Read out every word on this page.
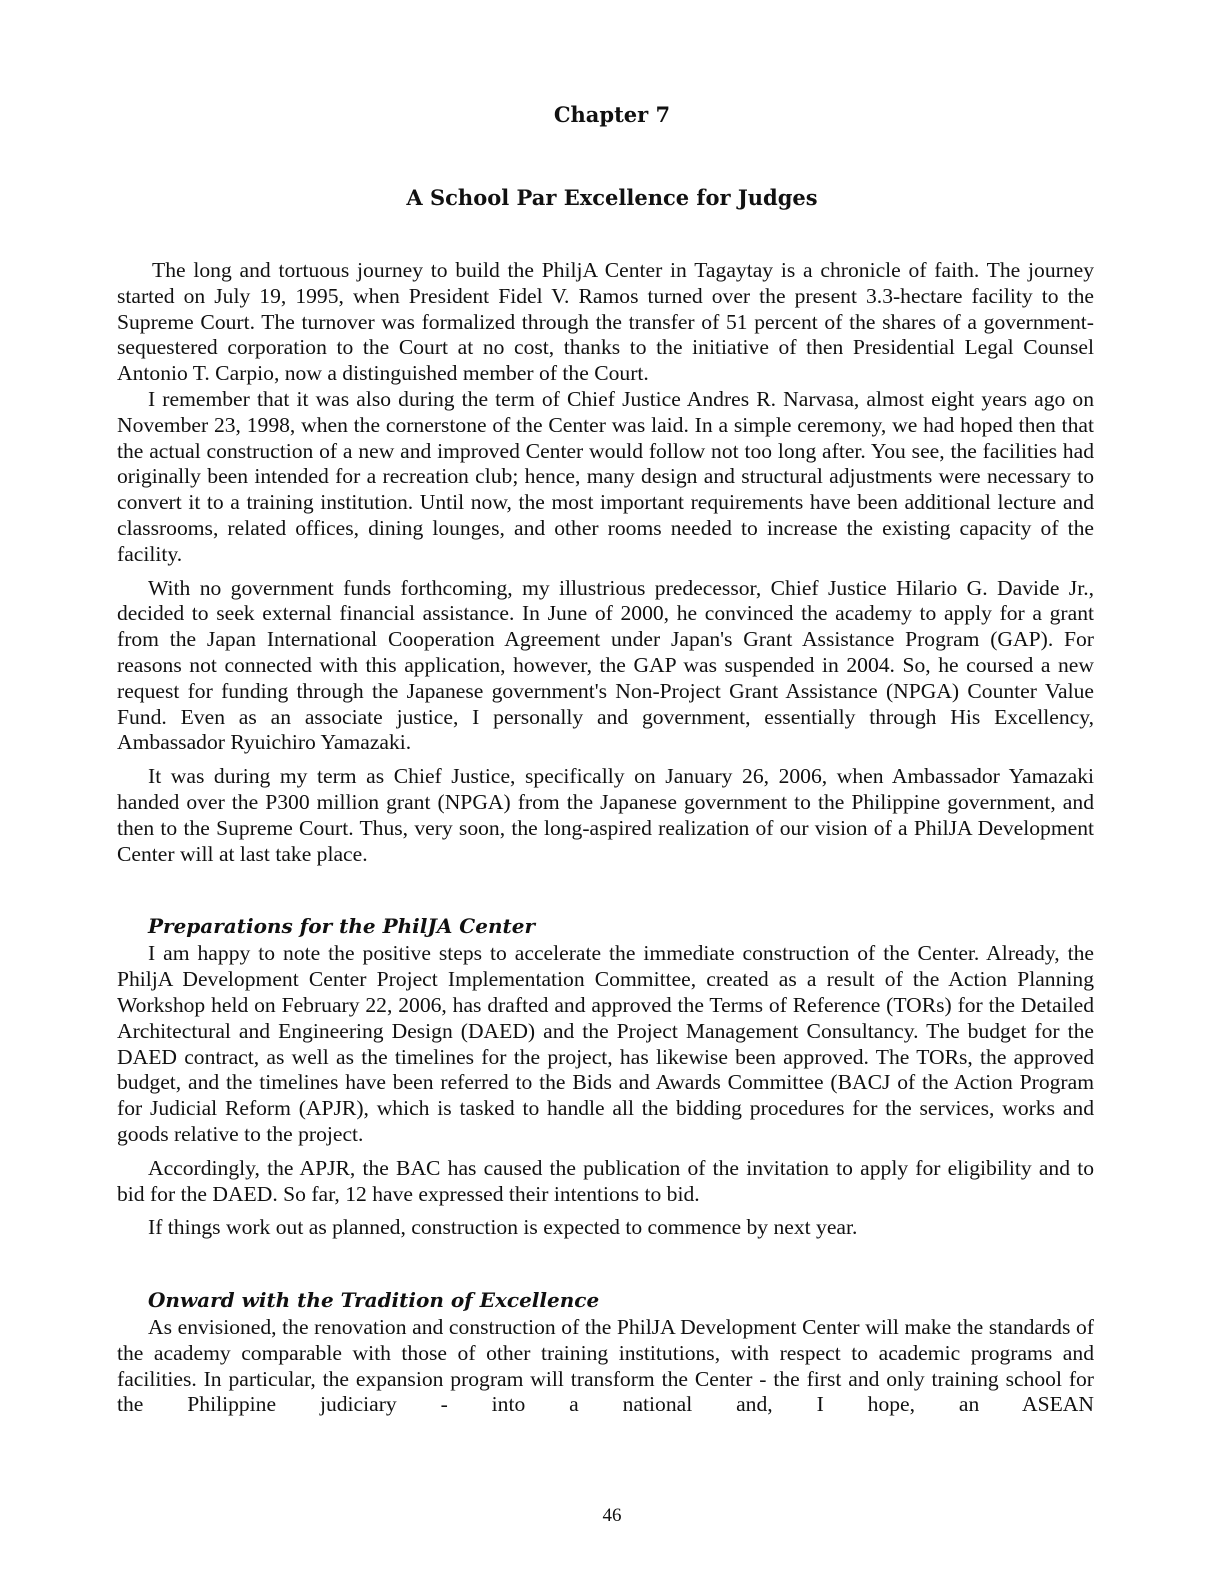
Chapter 7
A School Par Excellence for Judges

The long and tortuous journey to build the PhiljA Center in Tagaytay is a chronicle of faith. The journey started on July 19, 1995, when President Fidel V. Ramos turned over the present 3.3-hectare facility to the Supreme Court. The turnover was formalized through the transfer of 51 percent of the shares of a government-sequestered corporation to the Court at no cost, thanks to the initiative of then Presidential Legal Counsel Antonio T. Carpio, now a distinguished member of the Court.

I remember that it was also during the term of Chief Justice Andres R. Narvasa, almost eight years ago on November 23, 1998, when the cornerstone of the Center was laid. In a simple ceremony, we had hoped then that the actual construction of a new and improved Center would follow not too long after. You see, the facilities had originally been intended for a recreation club; hence, many design and structural adjustments were necessary to convert it to a training institution. Until now, the most important requirements have been additional lecture and classrooms, related offices, dining lounges, and other rooms needed to increase the existing capacity of the facility.

With no government funds forthcoming, my illustrious predecessor, Chief Justice Hilario G. Davide Jr., decided to seek external financial assistance. In June of 2000, he convinced the academy to apply for a grant from the Japan International Cooperation Agreement under Japan's Grant Assistance Program (GAP). For reasons not connected with this application, however, the GAP was suspended in 2004. So, he coursed a new request for funding through the Japanese government's Non-Project Grant Assistance (NPGA) Counter Value Fund. Even as an associate justice, I personally and government, essentially through His Excellency, Ambassador Ryuichiro Yamazaki.

It was during my term as Chief Justice, specifically on January 26, 2006, when Ambassador Yamazaki handed over the P300 million grant (NPGA) from the Japanese government to the Philippine government, and then to the Supreme Court. Thus, very soon, the long-aspired realization of our vision of a PhilJA Development Center will at last take place.

Preparations for the PhilJA Center

I am happy to note the positive steps to accelerate the immediate construction of the Center. Already, the PhiljA Development Center Project Implementation Committee, created as a result of the Action Planning Workshop held on February 22, 2006, has drafted and approved the Terms of Reference (TORs) for the Detailed Architectural and Engineering Design (DAED) and the Project Management Consultancy. The budget for the DAED contract, as well as the timelines for the project, has likewise been approved. The TORs, the approved budget, and the timelines have been referred to the Bids and Awards Committee (BACJ of the Action Program for Judicial Reform (APJR), which is tasked to handle all the bidding procedures for the services, works and goods relative to the project.

Accordingly, the APJR, the BAC has caused the publication of the invitation to apply for eligibility and to bid for the DAED. So far, 12 have expressed their intentions to bid.

If things work out as planned, construction is expected to commence by next year.

Onward with the Tradition of Excellence

As envisioned, the renovation and construction of the PhilJA Development Center will make the standards of the academy comparable with those of other training institutions, with respect to academic programs and facilities. In particular, the expansion program will transform the Center - the first and only training school for the Philippine judiciary - into a national and, I hope, an ASEAN

46
